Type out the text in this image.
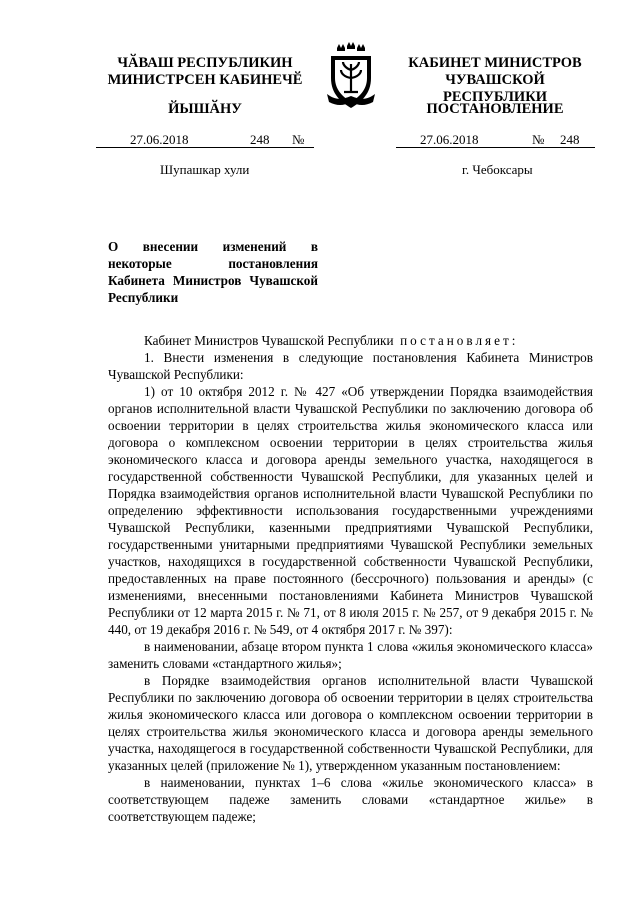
ЧӐВАШ РЕСПУБЛИКИН
МИНИСТРСЕН КАБИНЕЧӖ
КАБИНЕТ МИНИСТРОВ
ЧУВАШСКОЙ РЕСПУБЛИКИ
ЙЫШӐНУ	ПОСТАНОВЛЕНИЕ
27.06.2018	248 №	27.06.2018	№ 248
Шупашкар хули	г. Чебоксары
О внесении изменений в некоторые постановления Кабинета Министров Чувашской Республики

Кабинет Министров Чувашской Республики постановляет:

1. Внести изменения в следующие постановления Кабинета Министров Чувашской Республики:

1) от 10 октября 2012 г. № 427 «Об утверждении Порядка взаимодействия органов исполнительной власти Чувашской Республики по заключению договора об освоении территории в целях строительства жилья экономического класса или договора о комплексном освоении территории в целях строительства жилья экономического класса и договора аренды земельного участка, находящегося в государственной собственности Чувашской Республики, для указанных целей и Порядка взаимодействия органов исполнительной власти Чувашской Республики по определению эффективности использования государственными учреждениями Чувашской Республики, казенными предприятиями Чувашской Республики, государственными унитарными предприятиями Чувашской Республики земельных участков, находящихся в государственной собственности Чувашской Республики, предоставленных на праве постоянного (бессрочного) пользования и аренды» (с изменениями, внесенными постановлениями Кабинета Министров Чувашской Республики от 12 марта 2015 г. № 71, от 8 июля 2015 г. № 257, от 9 декабря 2015 г. № 440, от 19 декабря 2016 г. № 549, от 4 октября 2017 г. № 397):

в наименовании, абзаце втором пункта 1 слова «жилья экономического класса» заменить словами «стандартного жилья»;

в Порядке взаимодействия органов исполнительной власти Чувашской Республики по заключению договора об освоении территории в целях строительства жилья экономического класса или договора о комплексном освоении территории в целях строительства жилья экономического класса и договора аренды земельного участка, находящегося в государственной собственности Чувашской Республики, для указанных целей (приложение № 1), утвержденном указанным постановлением:

в наименовании, пунктах 1–6 слова «жилье экономического класса» в соответствующем падеже заменить словами «стандартное жилье» в соответствующем падеже;
